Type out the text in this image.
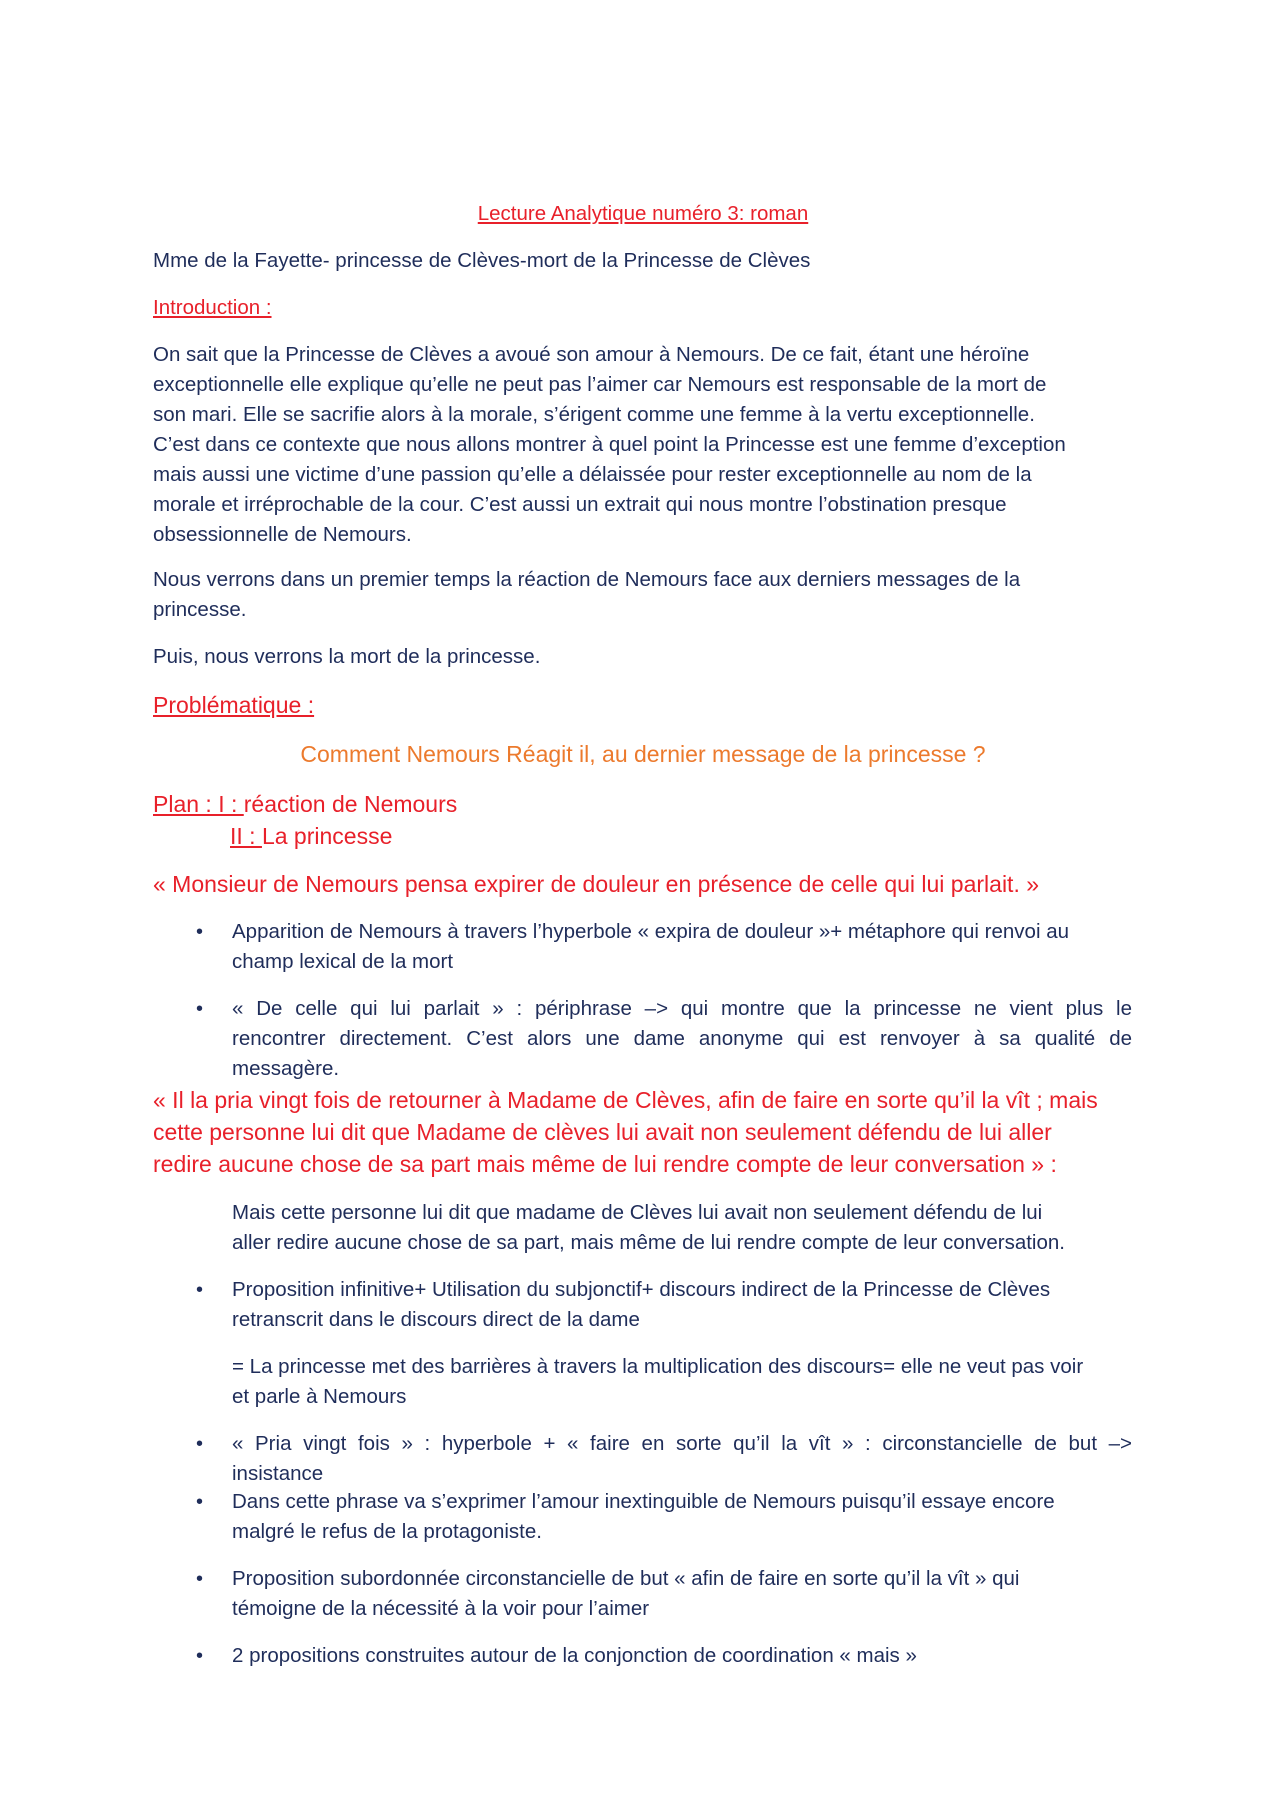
Lecture Analytique numéro 3: roman

Mme de la Fayette- princesse de Clèves-mort de la Princesse de Clèves

Introduction :

On sait que la Princesse de Clèves a avoué son amour à Nemours. De ce fait, étant une héroïne
exceptionnelle elle explique qu’elle ne peut pas l’aimer car Nemours est responsable de la mort de
son mari. Elle se sacrifie alors à la morale, s’érigent comme une femme à la vertu exceptionnelle.
C’est dans ce contexte que nous allons montrer à quel point la Princesse est une femme d’exception
mais aussi une victime d’une passion qu’elle a délaissée pour rester exceptionnelle au nom de la
morale et irréprochable de la cour. C’est aussi un extrait qui nous montre l’obstination presque
obsessionnelle de Nemours.
Nous verrons dans un premier temps la réaction de Nemours face aux derniers messages de la
princesse.

Puis, nous verrons la mort de la princesse.

Problématique :

Comment Nemours Réagit il, au dernier message de la princesse ?

Plan : I : réaction de Nemours

II : La princesse

« Monsieur de Nemours pensa expirer de douleur en présence de celle qui lui parlait. »

• Apparition de Nemours à travers l’hyperbole « expira de douleur »+ métaphore qui renvoi au
champ lexical de la mort
• « De celle qui lui parlait » : périphrase –> qui montre que la princesse ne vient plus le
rencontrer directement. C’est alors une dame anonyme qui est renvoyer à sa qualité de
messagère.
« Il la pria vingt fois de retourner à Madame de Clèves, afin de faire en sorte qu’il la vît ; mais
cette personne lui dit que Madame de clèves lui avait non seulement défendu de lui aller
redire aucune chose de sa part mais même de lui rendre compte de leur conversation » :
Mais cette personne lui dit que madame de Clèves lui avait non seulement défendu de lui
aller redire aucune chose de sa part, mais même de lui rendre compte de leur conversation.
• Proposition infinitive+ Utilisation du subjonctif+ discours indirect de la Princesse de Clèves
retranscrit dans le discours direct de la dame
= La princesse met des barrières à travers la multiplication des discours= elle ne veut pas voir
et parle à Nemours
• « Pria vingt fois » : hyperbole + « faire en sorte qu’il la vît » : circonstancielle de but –>
insistance
• Dans cette phrase va s’exprimer l’amour inextinguible de Nemours puisqu’il essaye encore
malgré le refus de la protagoniste.
• Proposition subordonnée circonstancielle de but « afin de faire en sorte qu’il la vît » qui
témoigne de la nécessité à la voir pour l’aimer
• 2 propositions construites autour de la conjonction de coordination « mais »
